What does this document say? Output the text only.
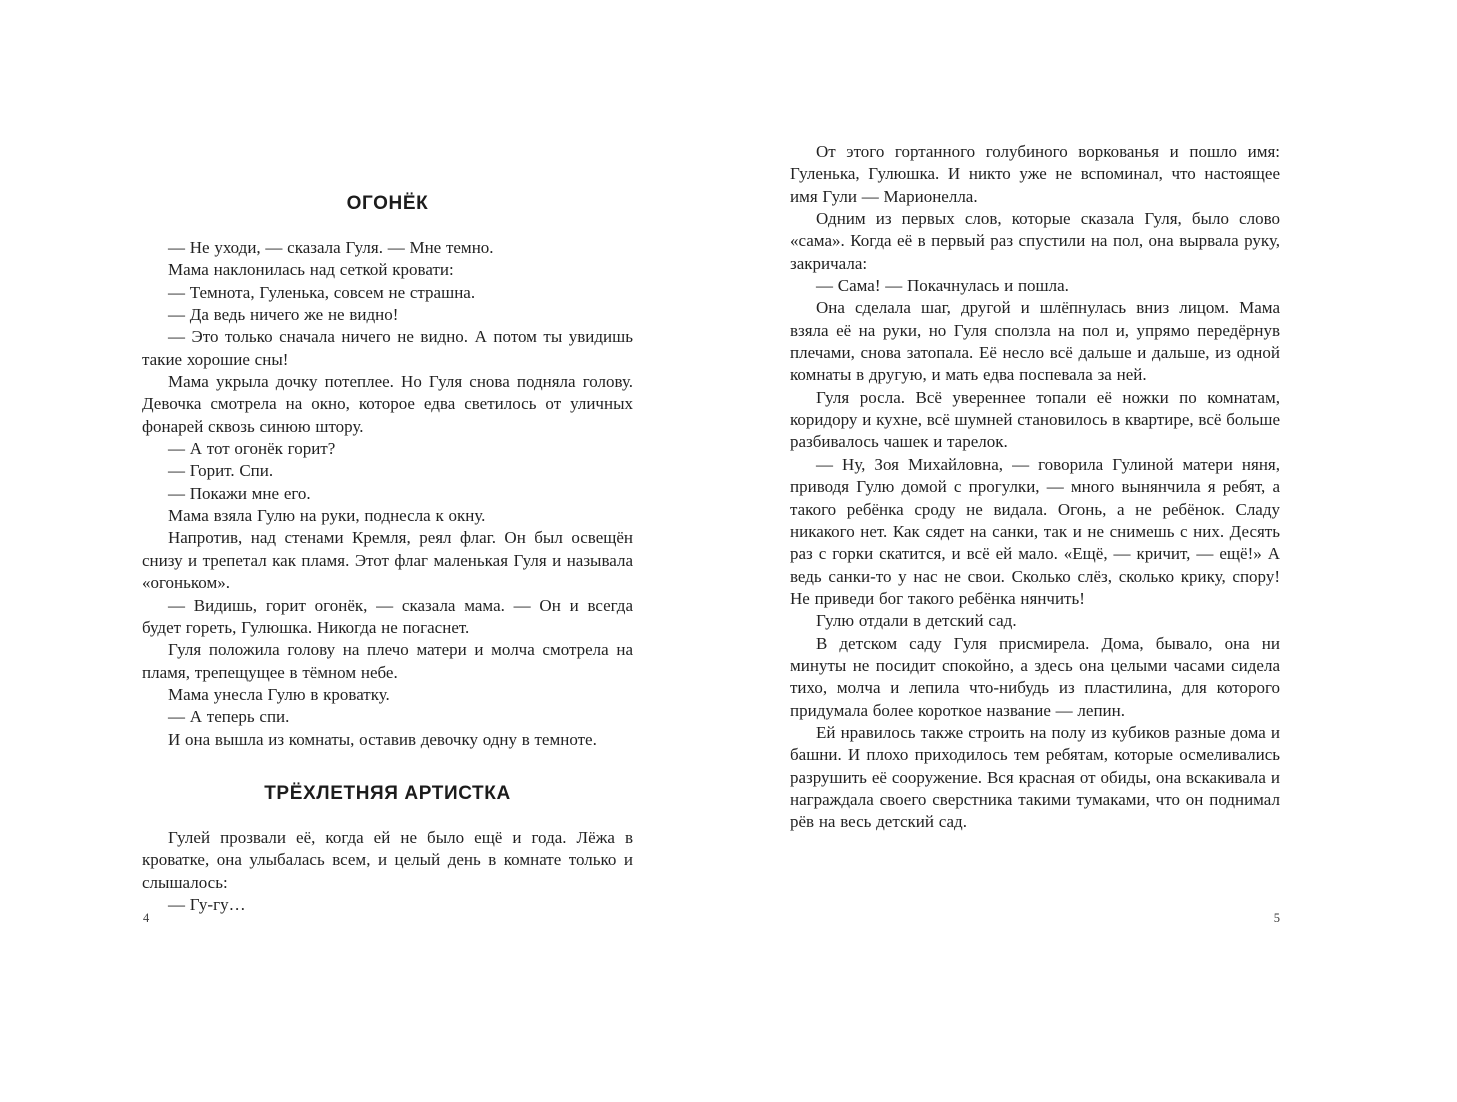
ОГОНЁК

— Не уходи, — сказала Гуля. — Мне темно.

Мама наклонилась над сеткой кровати:

— Темнота, Гуленька, совсем не страшна.

— Да ведь ничего же не видно!

— Это только сначала ничего не видно. А потом ты увидишь такие хорошие сны!

Мама укрыла дочку потеплее. Но Гуля снова подняла голову. Девочка смотрела на окно, которое едва светилось от уличных фонарей сквозь синюю штору.

— А тот огонёк горит?

— Горит. Спи.

— Покажи мне его.

Мама взяла Гулю на руки, поднесла к окну.

Напротив, над стенами Кремля, реял флаг. Он был освещён снизу и трепетал как пламя. Этот флаг маленькая Гуля и называла «огоньком».

— Видишь, горит огонёк, — сказала мама. — Он и всегда будет гореть, Гулюшка. Никогда не погаснет.

Гуля положила голову на плечо матери и молча смотрела на пламя, трепещущее в тёмном небе.

Мама унесла Гулю в кроватку.

— А теперь спи.

И она вышла из комнаты, оставив девочку одну в темноте.

ТРЁХЛЕТНЯЯ АРТИСТКА

Гулей прозвали её, когда ей не было ещё и года. Лёжа в кроватке, она улыбалась всем, и целый день в комнате только и слышалось:

— Гу-гу…

От этого гортанного голубиного воркованья и пошло имя: Гуленька, Гулюшка. И никто уже не вспоминал, что настоящее имя Гули — Марионелла.

Одним из первых слов, которые сказала Гуля, было слово «сама». Когда её в первый раз спустили на пол, она вырвала руку, закричала:

— Сама! — Покачнулась и пошла.

Она сделала шаг, другой и шлёпнулась вниз лицом. Мама взяла её на руки, но Гуля сползла на пол и, упрямо передёрнув плечами, снова затопала. Её несло всё дальше и дальше, из одной комнаты в другую, и мать едва поспевала за ней.

Гуля росла. Всё увереннее топали её ножки по комнатам, коридору и кухне, всё шумней становилось в квартире, всё больше разбивалось чашек и тарелок.

— Ну, Зоя Михайловна, — говорила Гулиной матери няня, приводя Гулю домой с прогулки, — много вынянчила я ребят, а такого ребёнка сроду не видала. Огонь, а не ребёнок. Сладу никакого нет. Как сядет на санки, так и не снимешь с них. Десять раз с горки скатится, и всё ей мало. «Ещё, — кричит, — ещё!» А ведь санки-то у нас не свои. Сколько слёз, сколько крику, спору! Не приведи бог такого ребёнка нянчить!

Гулю отдали в детский сад.

В детском саду Гуля присмирела. Дома, бывало, она ни минуты не посидит спокойно, а здесь она целыми часами сидела тихо, молча и лепила что-нибудь из пластилина, для которого придумала более короткое название — лепин.

Ей нравилось также строить на полу из кубиков разные дома и башни. И плохо приходилось тем ребятам, которые осмеливались разрушить её сооружение. Вся красная от обиды, она вскакивала и награждала своего сверстника такими тумаками, что он поднимал рёв на весь детский сад.

4	5
